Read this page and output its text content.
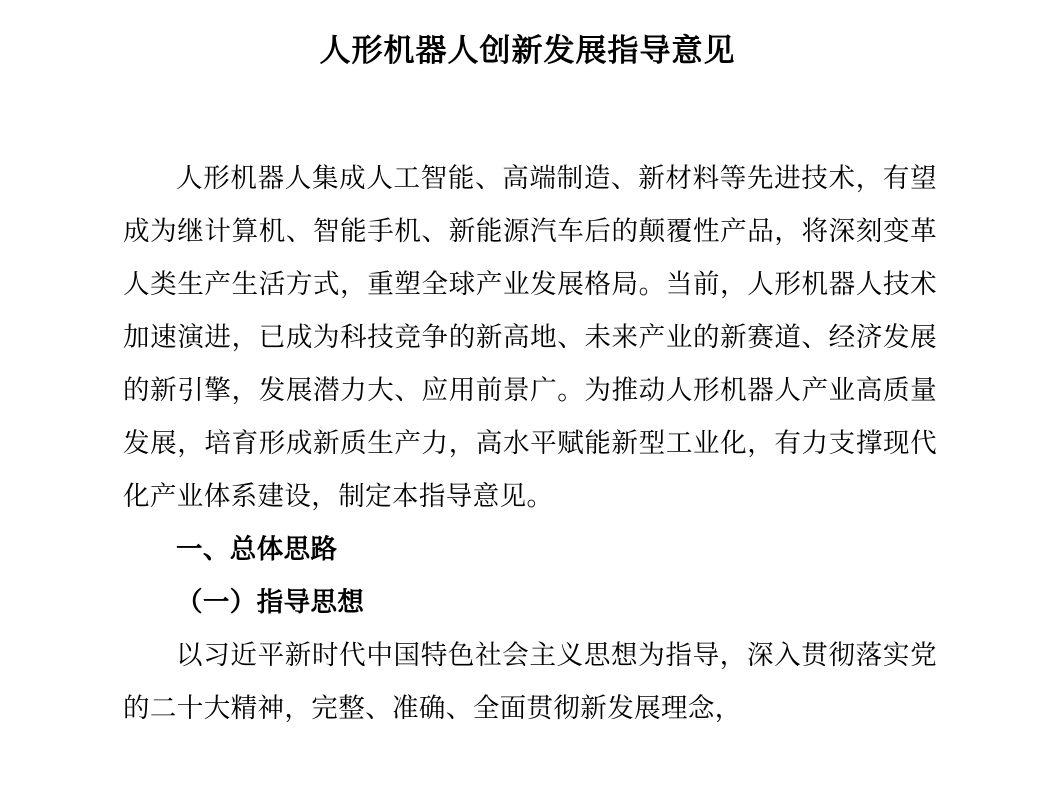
人形机器人创新发展指导意见

人形机器人集成人工智能、高端制造、新材料等先进技术，有望成为继计算机、智能手机、新能源汽车后的颠覆性产品，将深刻变革人类生产生活方式，重塑全球产业发展格局。当前，人形机器人技术加速演进，已成为科技竞争的新高地、未来产业的新赛道、经济发展的新引擎，发展潜力大、应用前景广。为推动人形机器人产业高质量发展，培育形成新质生产力，高水平赋能新型工业化，有力支撑现代化产业体系建设，制定本指导意见。

一、总体思路
（一）指导思想

以习近平新时代中国特色社会主义思想为指导，深入贯彻落实党的二十大精神，完整、准确、全面贯彻新发展理念，
